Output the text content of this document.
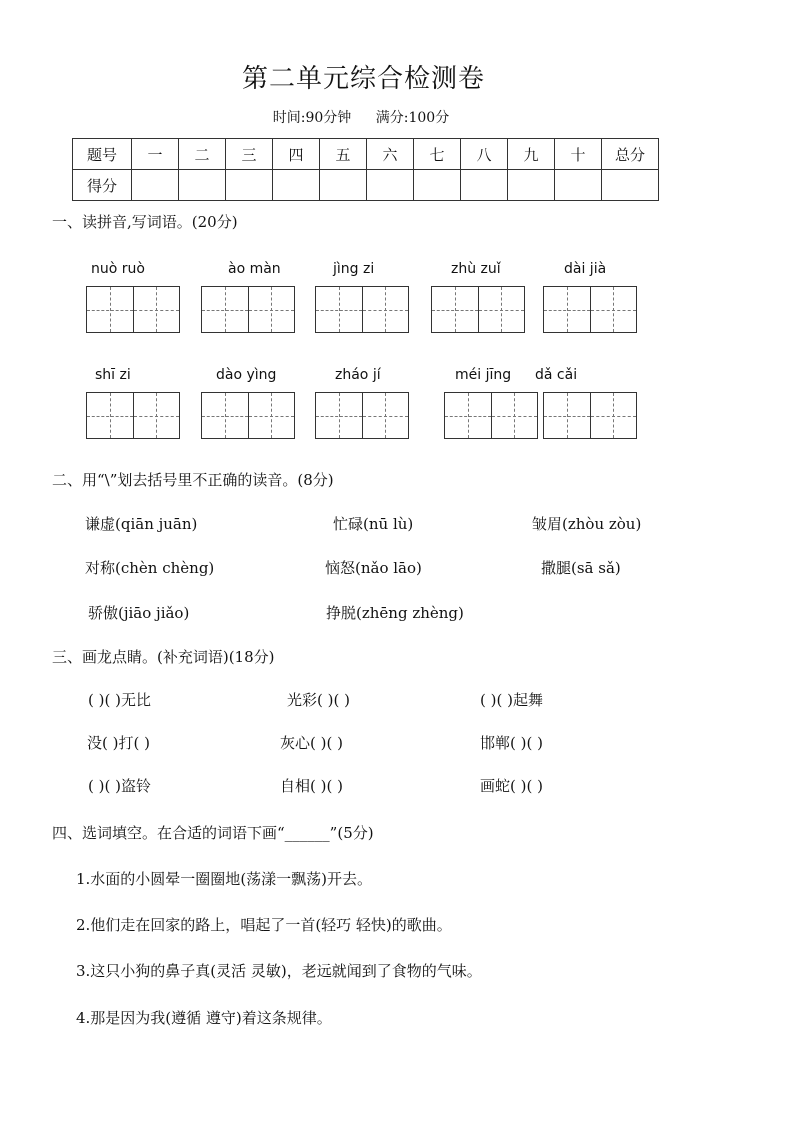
第二单元综合检测卷
时间:90分钟 满分:100分
题号	一	二	三	四	五	六	七	八	九	十	总分
得分											
一、读拼音,写词语。(20分)
nuò ruò	ào màn	jìng zi	zhù zuǐ	dài jià
shī zi	dào yìng	zháo jí	méi jīng dǎ cǎi
二、用“\”划去括号里不正确的读音。(8分)
谦虚(qiān juān)	忙碌(nū lù)	皱眉(zhòu zòu)
对称(chèn chèng)	恼怒(nǎo lāo)	撒腿(sā sǎ)
骄傲(jiāo jiǎo)	挣脱(zhēng zhèng)
三、画龙点睛。(补充词语)(18分)
( )( )无比	光彩( )( )	( )( )起舞
没( )打( )	灰心( )( )	邯郸( )( )
( )( )盗铃	自相( )( )	画蛇( )( )
四、选词填空。在合适的词语下画“______”(5分)
1.水面的小圆晕一圈圈地(荡漾一飘荡)开去。
2.他们走在回家的路上，唱起了一首(轻巧 轻快)的歌曲。
3.这只小狗的鼻子真(灵活 灵敏)，老远就闻到了食物的气味。
4.那是因为我(遵循 遵守)着这条规律。
